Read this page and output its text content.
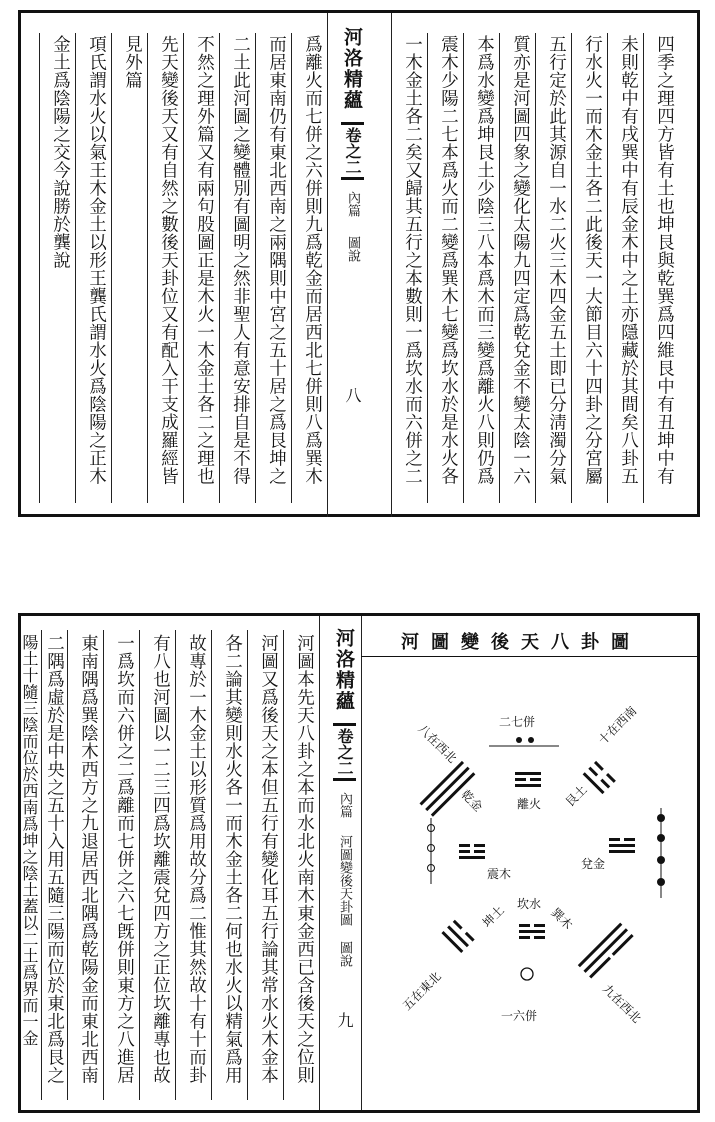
四季之理四方皆有土也坤艮與乾巽爲四維艮中有丑坤中有
未則乾中有戌巽中有辰金木中之土亦隱藏於其間矣八卦五
行水火一而木金土各二此後天一大節目六十四卦之分宮屬
五行定於此其源自一水二火三木四金五土即已分淸濁分氣
質亦是河圖四象之變化太陽九四定爲乾兌金不變太陰一六
本爲水變爲坤艮土少陰三八本爲木而三變爲離火八則仍爲
震木少陽二七本爲火而二變爲巽木七變爲坎水於是水火各
一木金土各二矣又歸其五行之本數則一爲坎水而六併之二
河洛精蘊 卷之二 內篇 圖說 八
爲離火而七併之六併則九爲乾金而居西北七併則八爲巽木
而居東南仍有東北西南之兩隅則中宮之五十居之爲艮坤之
二土此河圖之變體別有圖明之然非聖人有意安排自是不得
不然之理外篇又有兩句股圖正是木火一木金土各二之理也
先天變後天又有自然之數後天卦位又有配入干支成羅經皆
見外篇
項氏謂水火以氣王木金土以形王龔氏謂水火爲陰陽之正木
金土爲陰陽之交今說勝於龔說
河圖變後天八卦圖
二七併
一六併
離火
坎水
兌金
震木
乾金
八在西北
艮土
十在西南
坤土
五在東北
巽木
九在西北
河洛精蘊 卷之二 內篇 河圖變後天卦圖 圖說 九
河圖本先天八卦之本而水北火南木東金西已含後天之位則
河圖又爲後天之本但五行有變化耳五行論其常水火木金本
各二論其變則水火各一而木金土各二何也水火以精氣爲用
故專於一木金土以形質爲用故分爲二惟其然故十有十而卦
有八也河圖以一二三四爲坎離震兌四方之正位坎離專也故
一爲坎而六併之二爲離而七併之六七旣併則東方之八進居
東南隅爲巽陰木西方之九退居西北隅爲乾陽金而東北西南
二隅爲虛於是中央之五十入用五隨三陽而位於東北爲艮之
陽土十隨三陰而位於西南爲坤之陰土蓋以二土爲界而一金
